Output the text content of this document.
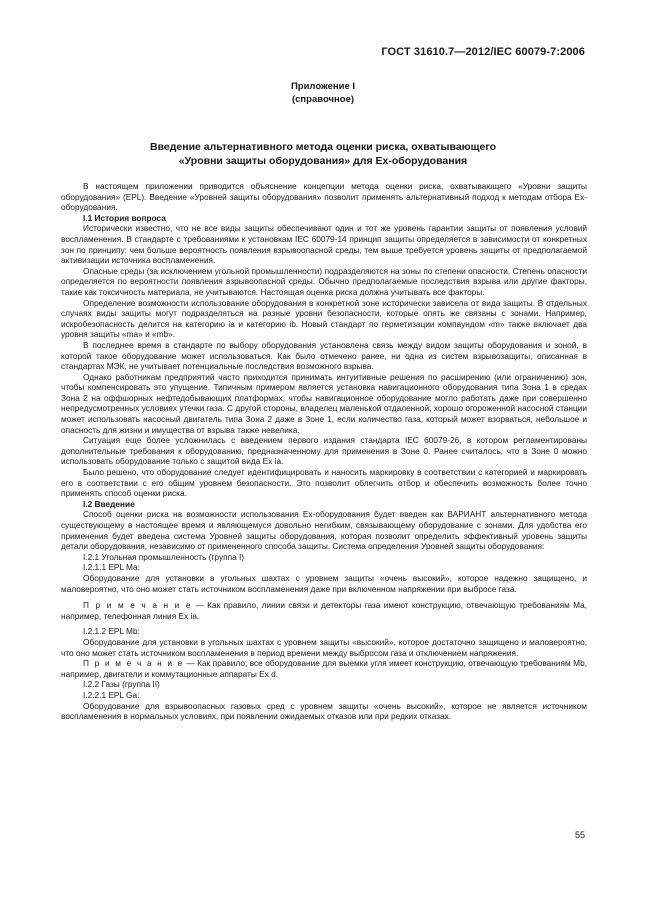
ГОСТ 31610.7—2012/IEC 60079-7:2006
Приложение I
(справочное)
Введение альтернативного метода оценки риска, охватывающего
«Уровни защиты оборудования» для Ex-оборудования

В настоящем приложении приводится объяснение концепции метода оценки риска, охватывающего «Уровни защиты оборудования» (EPL). Введение «Уровней защиты оборудования» позволит применять альтернативный подход к методам отбора Ex-оборудования.

I.1 История вопроса

Исторически известно, что не все виды защиты обеспечивают один и тот же уровень гарантии защиты от появления условий воспламенения. В стандарте с требованиями к установкам IEC 60079-14 принцип защиты определяется в зависимости от конкретных зон по принципу: чем больше вероятность появления взрывоопасной среды, тем выше требуется уровень защиты от предполагаемой активизации источника воспламенения.

Опасные среды (за исключением угольной промышленности) подразделяются на зоны по степени опасности. Степень опасности определяется по вероятности появления взрывоопасной среды. Обычно предполагаемые последствия взрыва или другие факторы, такие как токсичность материала, не учитываются. Настоящая оценка риска должна учитывать все факторы.

Определение возможности использование оборудования в конкретной зоне исторически зависела от вида защиты. В отдельных случаях виды защиты могут подразделяться на разные уровни безопасности, которые опять же связаны с зонами. Например, искробезопасность делится на категорию ia и категорию ib. Новый стандарт по герметизации компаундом «m» также включает два уровня защиты «ma» и «mb».

В последнее время в стандарте по выбору оборудования установлена связь между видом защиты оборудования и зоной, в которой такое оборудование может использоваться. Как было отмечено ранее, ни одна из систем взрывозащиты, описанная в стандартах МЭК, не учитывает потенциальные последствия возможного взрыва.

Однако работникам предприятий часто приходится принимать интуитивные решения по расширению (или ограничению) зон, чтобы компенсировать это упущение. Типичным примером является установка навигационного оборудования типа Зона 1 в средах Зона 2 на оффшорных нефтедобывающих платформах, чтобы навигационное оборудование могло работать даже при совершенно непредусмотренных условиях утечки газа. С другой стороны, владелец маленькой отдаленной, хорошо огороженной насосной станции может использовать насосный двигатель типа Зона 2 даже в Зоне 1, если количество газа, который может взорваться, небольшое и опасность для жизни и имущества от взрыва также невелика.

Ситуация еще более усложнилась с введением первого издания стандарта IEC 60079-26, в котором регламентированы дополнительные требования к оборудованию, предназначенному для применения в Зоне 0. Ранее считалось, что в Зоне 0 можно использовать оборудование только с защитой вида Ex ia.

Было решено, что оборудование следует идентифицировать и наносить маркировку в соответствии с категорией и маркировать его в соответствии с его общим уровнем безопасности. Это позволит облегчить отбор и обеспечить возможность более точно применять способ оценки риска.

I.2 Введение

Способ оценки риска на возможности использования Ex-оборудования будет введен как ВАРИАНТ альтернативного метода существующему в настоящее время и являющемуся довольно негибким, связывающему оборудование с зонами. Для удобства его применения будет введена система Уровней защиты оборудования, которая позволит определить эффективный уровень защиты детали оборудования, независимо от примененного способа защиты. Система определения Уровней защиты оборудования:

I.2.1 Угольная промышленность (группа I)

I.2.1.1 EPL Ma:

Оборудование для установки в угольных шахтах с уровнем защиты «очень высокий», которое надежно защищено, и маловероятно, что оно может стать источником воспламенения даже при включенном напряжении при выбросе газа.

П р и м е ч а н и е — Как правило, линии связи и детекторы газа имеют конструкцию, отвечающую требованиям Ma, например, телефонная линия Ex ia.

I.2.1.2 EPL Mb:

Оборудование для установки в угольных шахтах с уровнем защиты «высокий», которое достаточно защищено и маловероятно, что оно может стать источником воспламенения в период времени между выбросом газа и отключением напряжения.

П р и м е ч а н и е — Как правило, все оборудование для выемки угля имеет конструкцию, отвечающую требованиям Mb, например, двигатели и коммутационные аппараты Ex d.

I.2.2 Газы (группа II)

I.2.2.1 EPL Ga:

Оборудование для взрывоопасных газовых сред с уровнем защиты «очень высокий», которое не является источником воспламенения в нормальных условиях, при появлении ожидаемых отказов или при редких отказах.

55
